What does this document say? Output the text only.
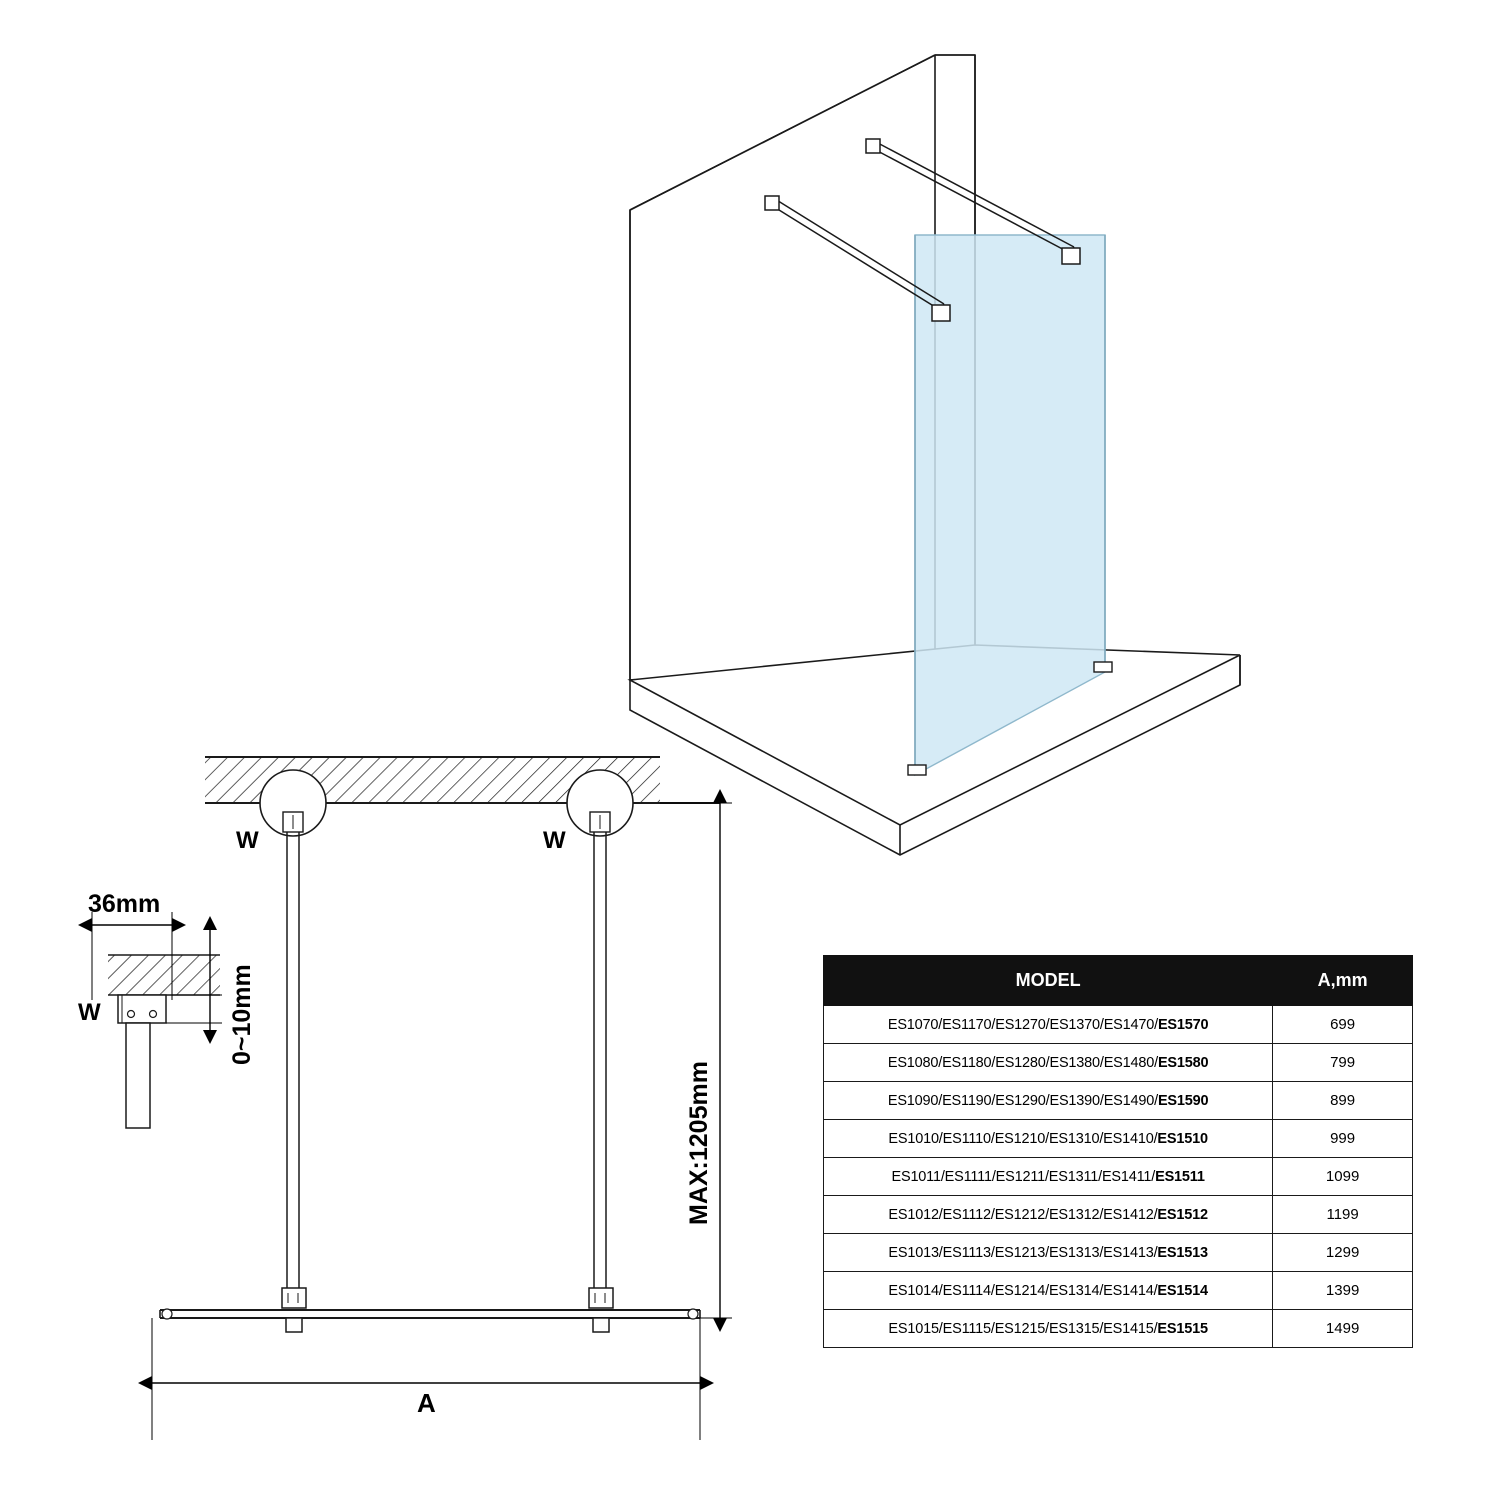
W	W
MAX:1205mm
A
36mm
W	0~10mm	MODEL	A,mm
ES1070/ES1170/ES1270/ES1370/ES1470/ES1570	699
ES1080/ES1180/ES1280/ES1380/ES1480/ES1580	799
ES1090/ES1190/ES1290/ES1390/ES1490/ES1590	899
ES1010/ES1110/ES1210/ES1310/ES1410/ES1510	999
ES1011/ES1111/ES1211/ES1311/ES1411/ES1511	1099
ES1012/ES1112/ES1212/ES1312/ES1412/ES1512	1199
ES1013/ES1113/ES1213/ES1313/ES1413/ES1513	1299
ES1014/ES1114/ES1214/ES1314/ES1414/ES1514	1399
ES1015/ES1115/ES1215/ES1315/ES1415/ES1515	1499
